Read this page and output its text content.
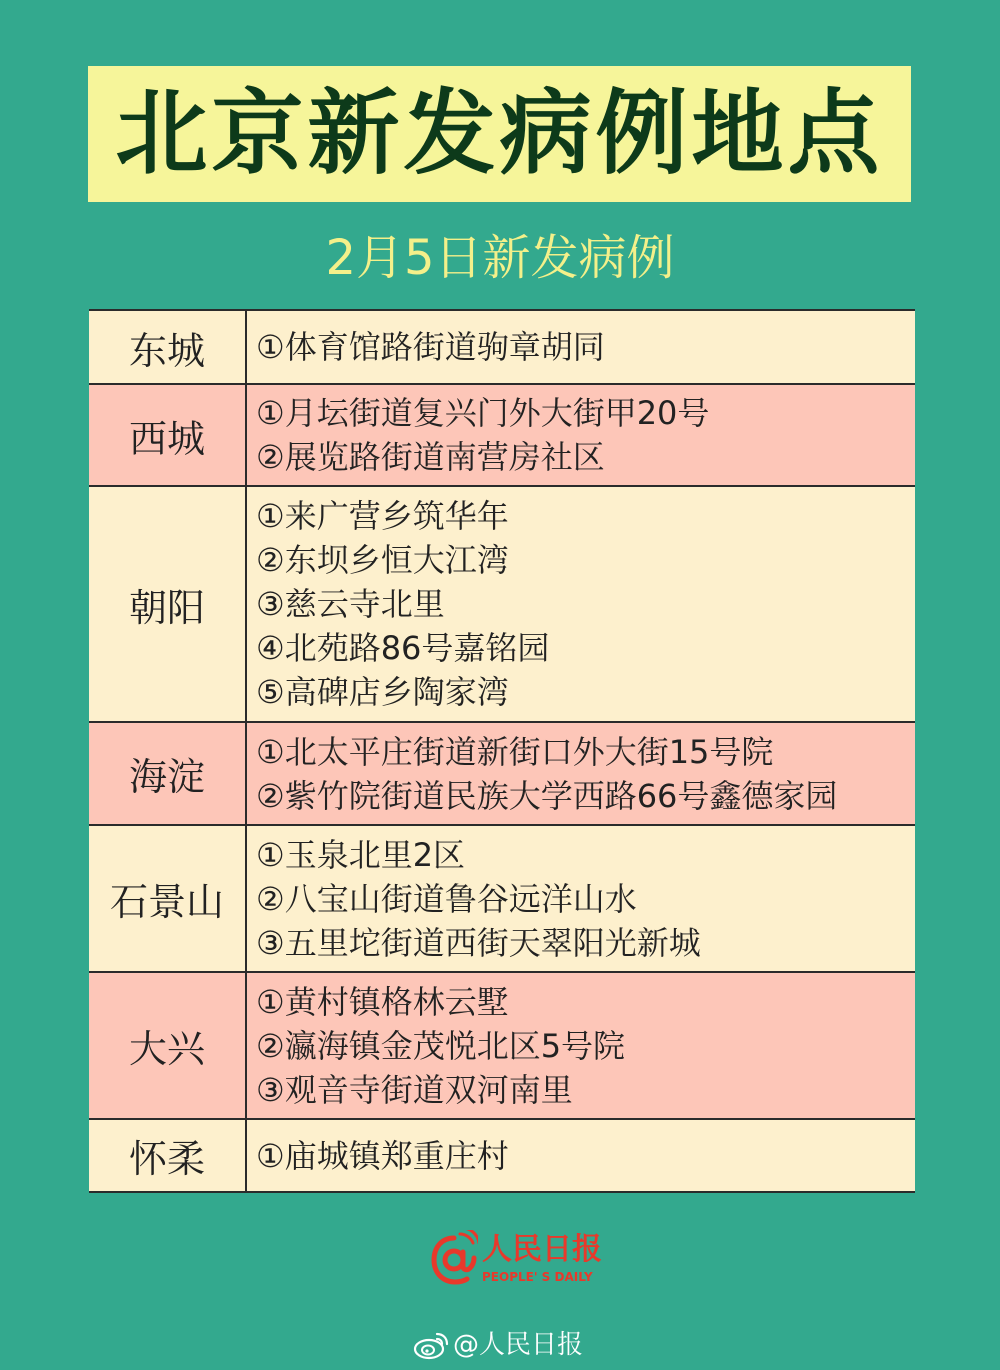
北京新发病例地点
2月5日新发病例
东城	①体育馆路街道驹章胡同
西城
①月坛街道复兴门外大街甲20号
②展览路街道南营房社区
朝阳
①来广营乡筑华年
②东坝乡恒大江湾
③慈云寺北里
④北苑路86号嘉铭园
⑤高碑店乡陶家湾
海淀
①北太平庄街道新街口外大街15号院
②紫竹院街道民族大学西路66号鑫德家园
石景山
①玉泉北里2区
②八宝山街道鲁谷远洋山水
③五里坨街道西街天翠阳光新城
大兴
①黄村镇格林云墅
②瀛海镇金茂悦北区5号院
③观音寺街道双河南里
怀柔	①庙城镇郑重庄村
人民日报
PEOPLE' S DAILY
@人民日报
